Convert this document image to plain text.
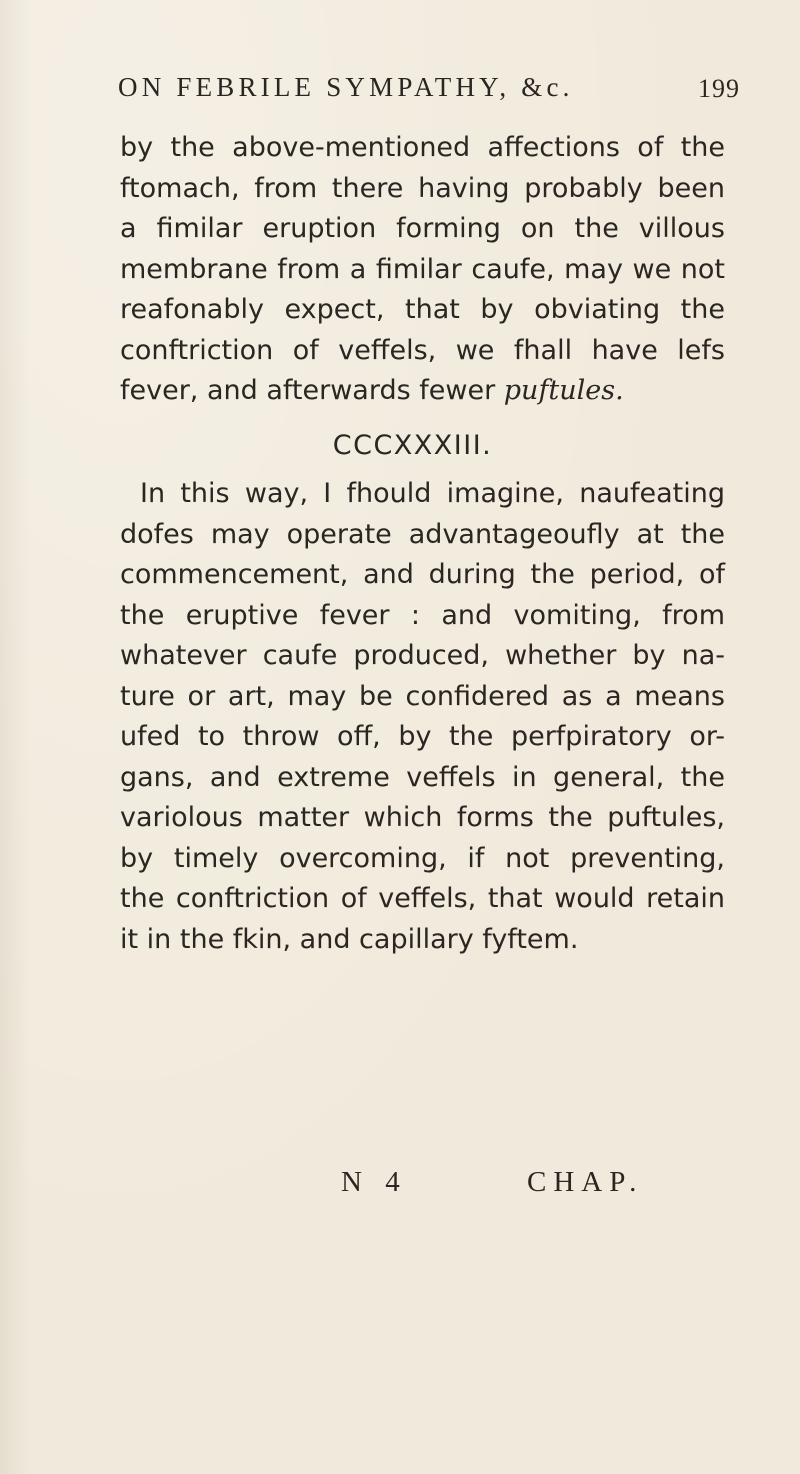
ON FEBRILE SYMPATHY, &c.	199
by the above-mentioned affections of the
ftomach, from there having probably been
a fimilar eruption forming on the villous
membrane from a fimilar caufe, may we not
reafonably expect, that by obviating the
conftriction of veffels, we fhall have lefs
fever, and afterwards fewer puftules.
CCCXXXIII.
In this way, I fhould imagine, naufeating
dofes may operate advantageoufly at the
commencement, and during the period, of
the eruptive fever : and vomiting, from
whatever caufe produced, whether by na-
ture or art, may be confidered as a means
ufed to throw off, by the perfpiratory or-
gans, and extreme veffels in general, the
variolous matter which forms the puftules,
by timely overcoming, if not preventing,
the conftriction of veffels, that would retain
it in the fkin, and capillary fyftem.
N 4	CHAP.
